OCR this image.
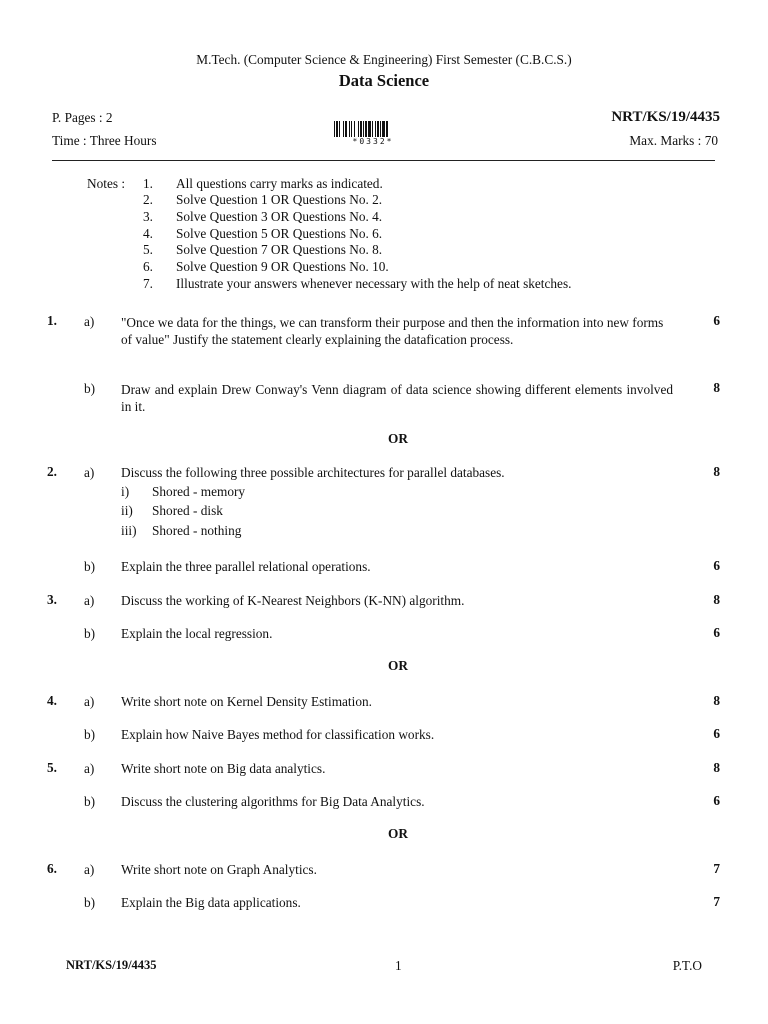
M.Tech. (Computer Science & Engineering) First Semester (C.B.C.S.)
Data Science
P. Pages : 2	NRT/KS/19/4435
Time : Three Hours	Max. Marks : 70
*0332*
Notes : 1. All questions carry marks as indicated.
2. Solve Question 1 OR Questions No. 2.
3. Solve Question 3 OR Questions No. 4.
4. Solve Question 5 OR Questions No. 6.
5. Solve Question 7 OR Questions No. 8.
6. Solve Question 9 OR Questions No. 10.
7. Illustrate your answers whenever necessary with the help of neat sketches.
1. a) "Once we data for the things, we can transform their purpose and then the information into new forms of value" Justify the statement clearly explaining the datafication process.
6
b) Draw and explain Drew Conway's Venn diagram of data science showing different elements involved in it.
8
OR
2. a) Discuss the following three possible architectures for parallel databases.	8
i) Shored - memory
ii) Shored - disk
iii) Shored - nothing
b) Explain the three parallel relational operations.	6
3. a) Discuss the working of K-Nearest Neighbors (K-NN) algorithm.	8
b) Explain the local regression.	6
OR
4. a) Write short note on Kernel Density Estimation.	8
b) Explain how Naive Bayes method for classification works.	6
5. a) Write short note on Big data analytics.	8
b) Discuss the clustering algorithms for Big Data Analytics.	6
OR
6. a) Write short note on Graph Analytics.	7
b) Explain the Big data applications.	7
NRT/KS/19/4435	1	P.T.O
